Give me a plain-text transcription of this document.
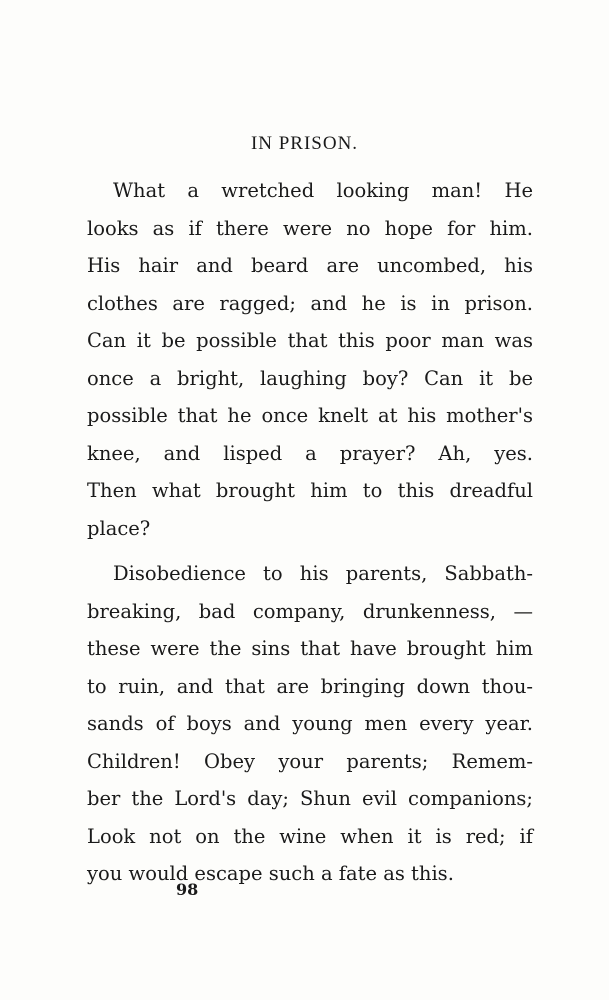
IN PRISON.
What a wretched looking man! He
looks as if there were no hope for him.
His hair and beard are uncombed, his
clothes are ragged; and he is in prison.
Can it be possible that this poor man was
once a bright, laughing boy? Can it be
possible that he once knelt at his mother's
knee, and lisped a prayer? Ah, yes.
Then what brought him to this dreadful
place?
Disobedience to his parents, Sabbath-
breaking, bad company, drunkenness, —
these were the sins that have brought him
to ruin, and that are bringing down thou-
sands of boys and young men every year.
Children! Obey your parents; Remem-
ber the Lord's day; Shun evil companions;
Look not on the wine when it is red; if
you would escape such a fate as this.
98
